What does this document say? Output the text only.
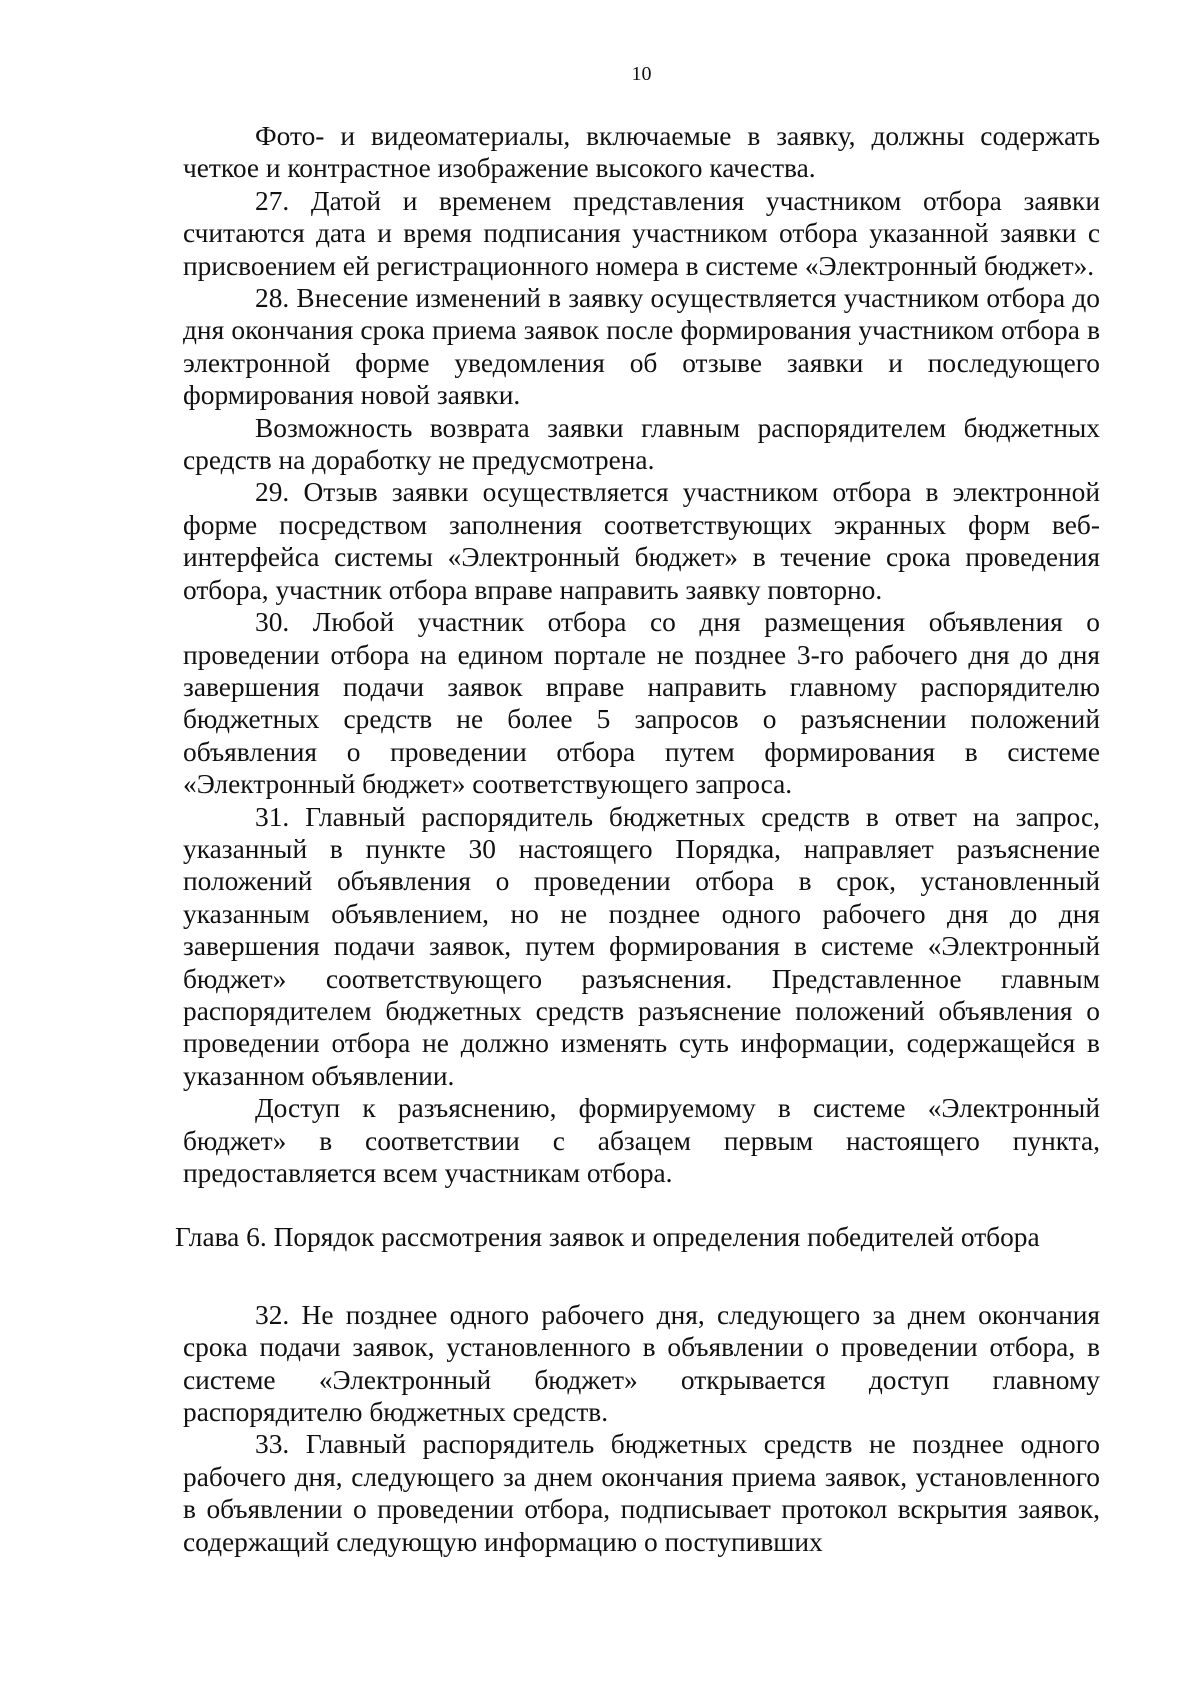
10

Фото- и видеоматериалы, включаемые в заявку, должны содержать четкое и контрастное изображение высокого качества.

27. Датой и временем представления участником отбора заявки считаются дата и время подписания участником отбора указанной заявки с присвоением ей регистрационного номера в системе «Электронный бюджет».

28. Внесение изменений в заявку осуществляется участником отбора до дня окончания срока приема заявок после формирования участником отбора в электронной форме уведомления об отзыве заявки и последующего формирования новой заявки.

Возможность возврата заявки главным распорядителем бюджетных средств на доработку не предусмотрена.

29. Отзыв заявки осуществляется участником отбора в электронной форме посредством заполнения соответствующих экранных форм веб-интерфейса системы «Электронный бюджет» в течение срока проведения отбора, участник отбора вправе направить заявку повторно.

30. Любой участник отбора со дня размещения объявления о проведении отбора на едином портале не позднее 3-го рабочего дня до дня завершения подачи заявок вправе направить главному распорядителю бюджетных средств не более 5 запросов о разъяснении положений объявления о проведении отбора путем формирования в системе «Электронный бюджет» соответствующего запроса.

31. Главный распорядитель бюджетных средств в ответ на запрос, указанный в пункте 30 настоящего Порядка, направляет разъяснение положений объявления о проведении отбора в срок, установленный указанным объявлением, но не позднее одного рабочего дня до дня завершения подачи заявок, путем формирования в системе «Электронный бюджет» соответствующего разъяснения. Представленное главным распорядителем бюджетных средств разъяснение положений объявления о проведении отбора не должно изменять суть информации, содержащейся в указанном объявлении.

Доступ к разъяснению, формируемому в системе «Электронный бюджет» в соответствии с абзацем первым настоящего пункта, предоставляется всем участникам отбора.

Глава 6. Порядок рассмотрения заявок и определения победителей отбора

32. Не позднее одного рабочего дня, следующего за днем окончания срока подачи заявок, установленного в объявлении о проведении отбора, в системе «Электронный бюджет» открывается доступ главному распорядителю бюджетных средств.

33. Главный распорядитель бюджетных средств не позднее одного рабочего дня, следующего за днем окончания приема заявок, установленного в объявлении о проведении отбора, подписывает протокол вскрытия заявок, содержащий следующую информацию о поступивших
